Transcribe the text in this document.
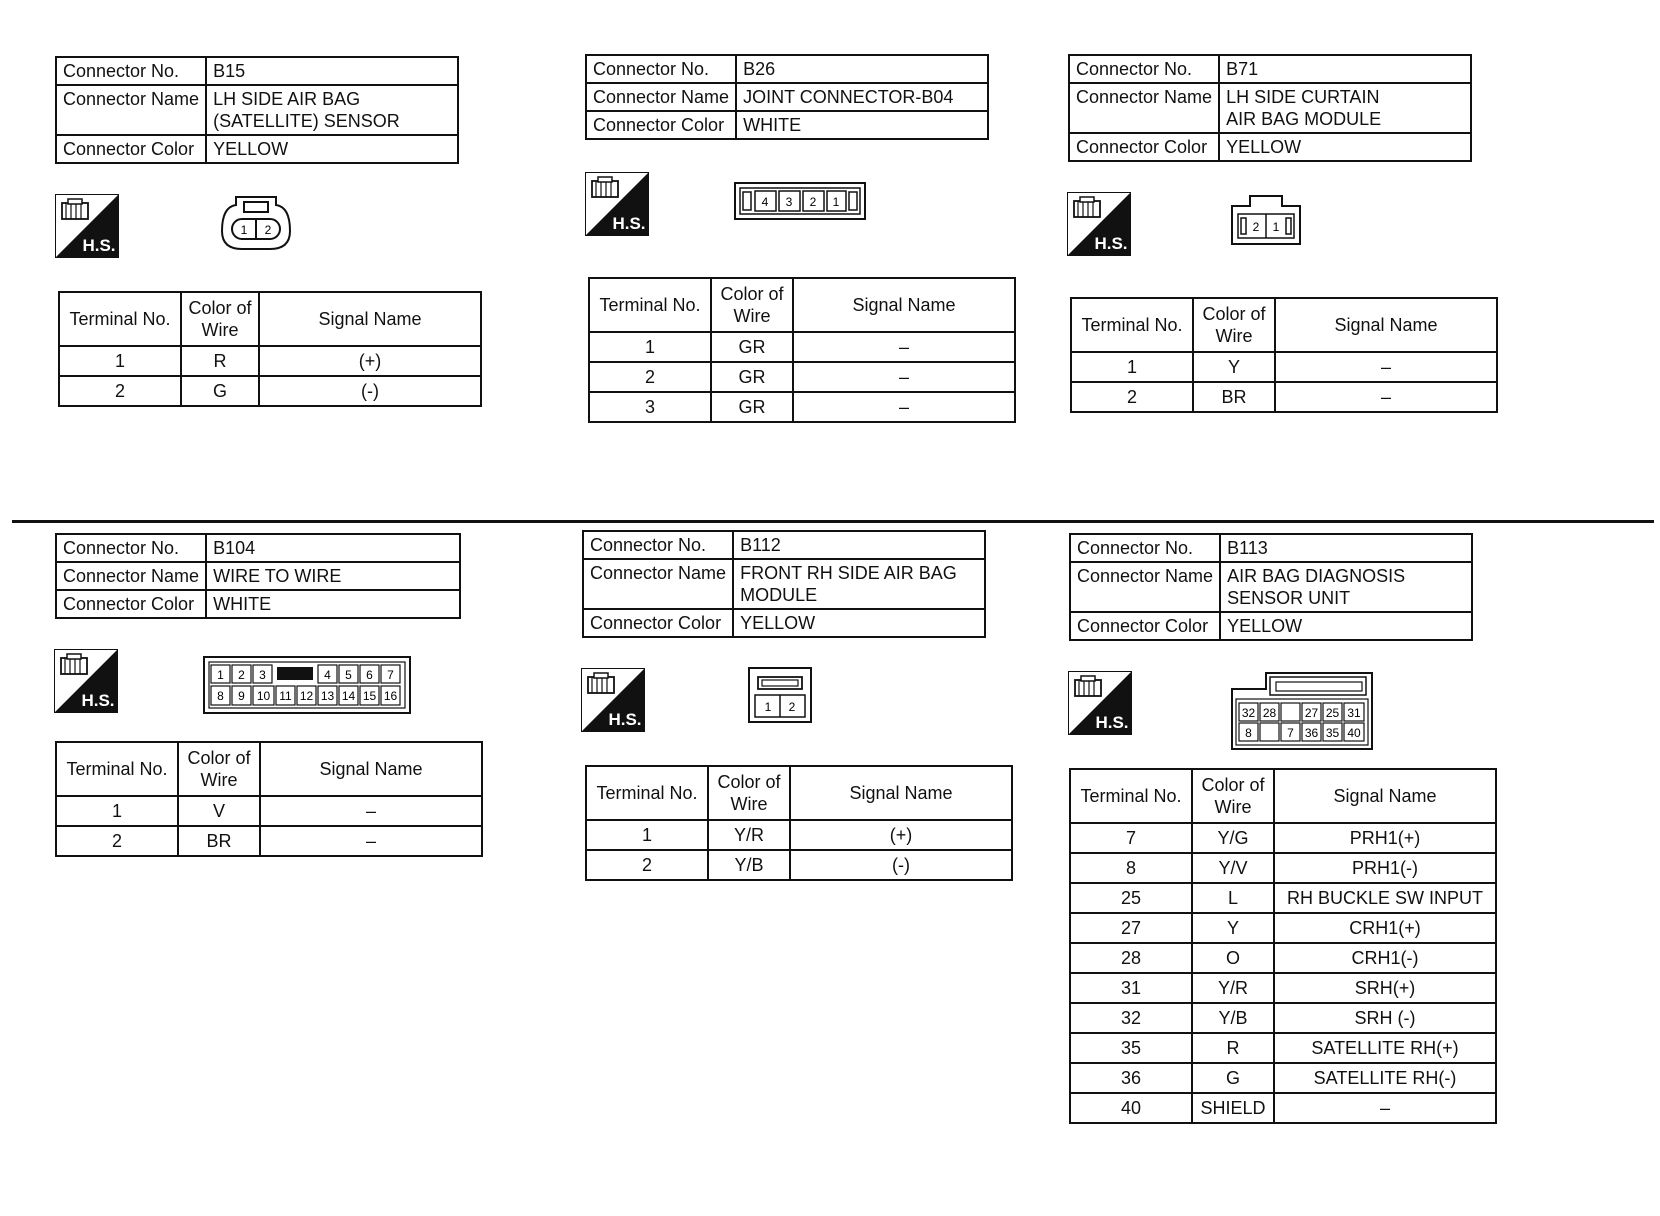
Connector No.	B15
Connector Name	LH SIDE AIR BAG
(SATELLITE) SENSOR

Connector Color	YELLOW
H.S.
1 2
Terminal No.	Color of Wire	Signal Name
1	R	(+)
2	G	(-)
Connector No.	B26
Connector Name	JOINT CONNECTOR-B04
Connector Color	WHITE
H.S.
4 3 2 1
Terminal No.	Color of Wire	Signal Name
1	GR	–
2	GR	–
3	GR	–
Connector No.	B71
Connector Name	LH SIDE CURTAIN
AIR BAG MODULE

Connector Color	YELLOW
H.S.
2 1
Terminal No.	Color of Wire	Signal Name
1	Y	–
2	BR	–
Connector No.	B104
Connector Name	WIRE TO WIRE
Connector Color	WHITE
H.S.
1 2 3	4 5 6 7
8 9 10 11 12 13 14 15 16
Terminal No.	Color of Wire	Signal Name
1	V	–
2	BR	–
Connector No.	B112
Connector Name	FRONT RH SIDE AIR BAG
MODULE

Connector Color	YELLOW
H.S.
1 2
Terminal No.	Color of Wire	Signal Name
1	Y/R	(+)
2	Y/B	(-)
Connector No.	B113
Connector Name	AIR BAG DIAGNOSIS
SENSOR UNIT

Connector Color	YELLOW
H.S.	32 28 27 25 31
8	7 36 35 40
Terminal No.	Color of Wire	Signal Name
7	Y/G	PRH1(+)
8	Y/V	PRH1(-)
25	L	RH BUCKLE SW INPUT
27	Y	CRH1(+)
28	O	CRH1(-)
31	Y/R	SRH(+)
32	Y/B	SRH (-)
35	R	SATELLITE RH(+)
36	G	SATELLITE RH(-)
40	SHIELD	–
